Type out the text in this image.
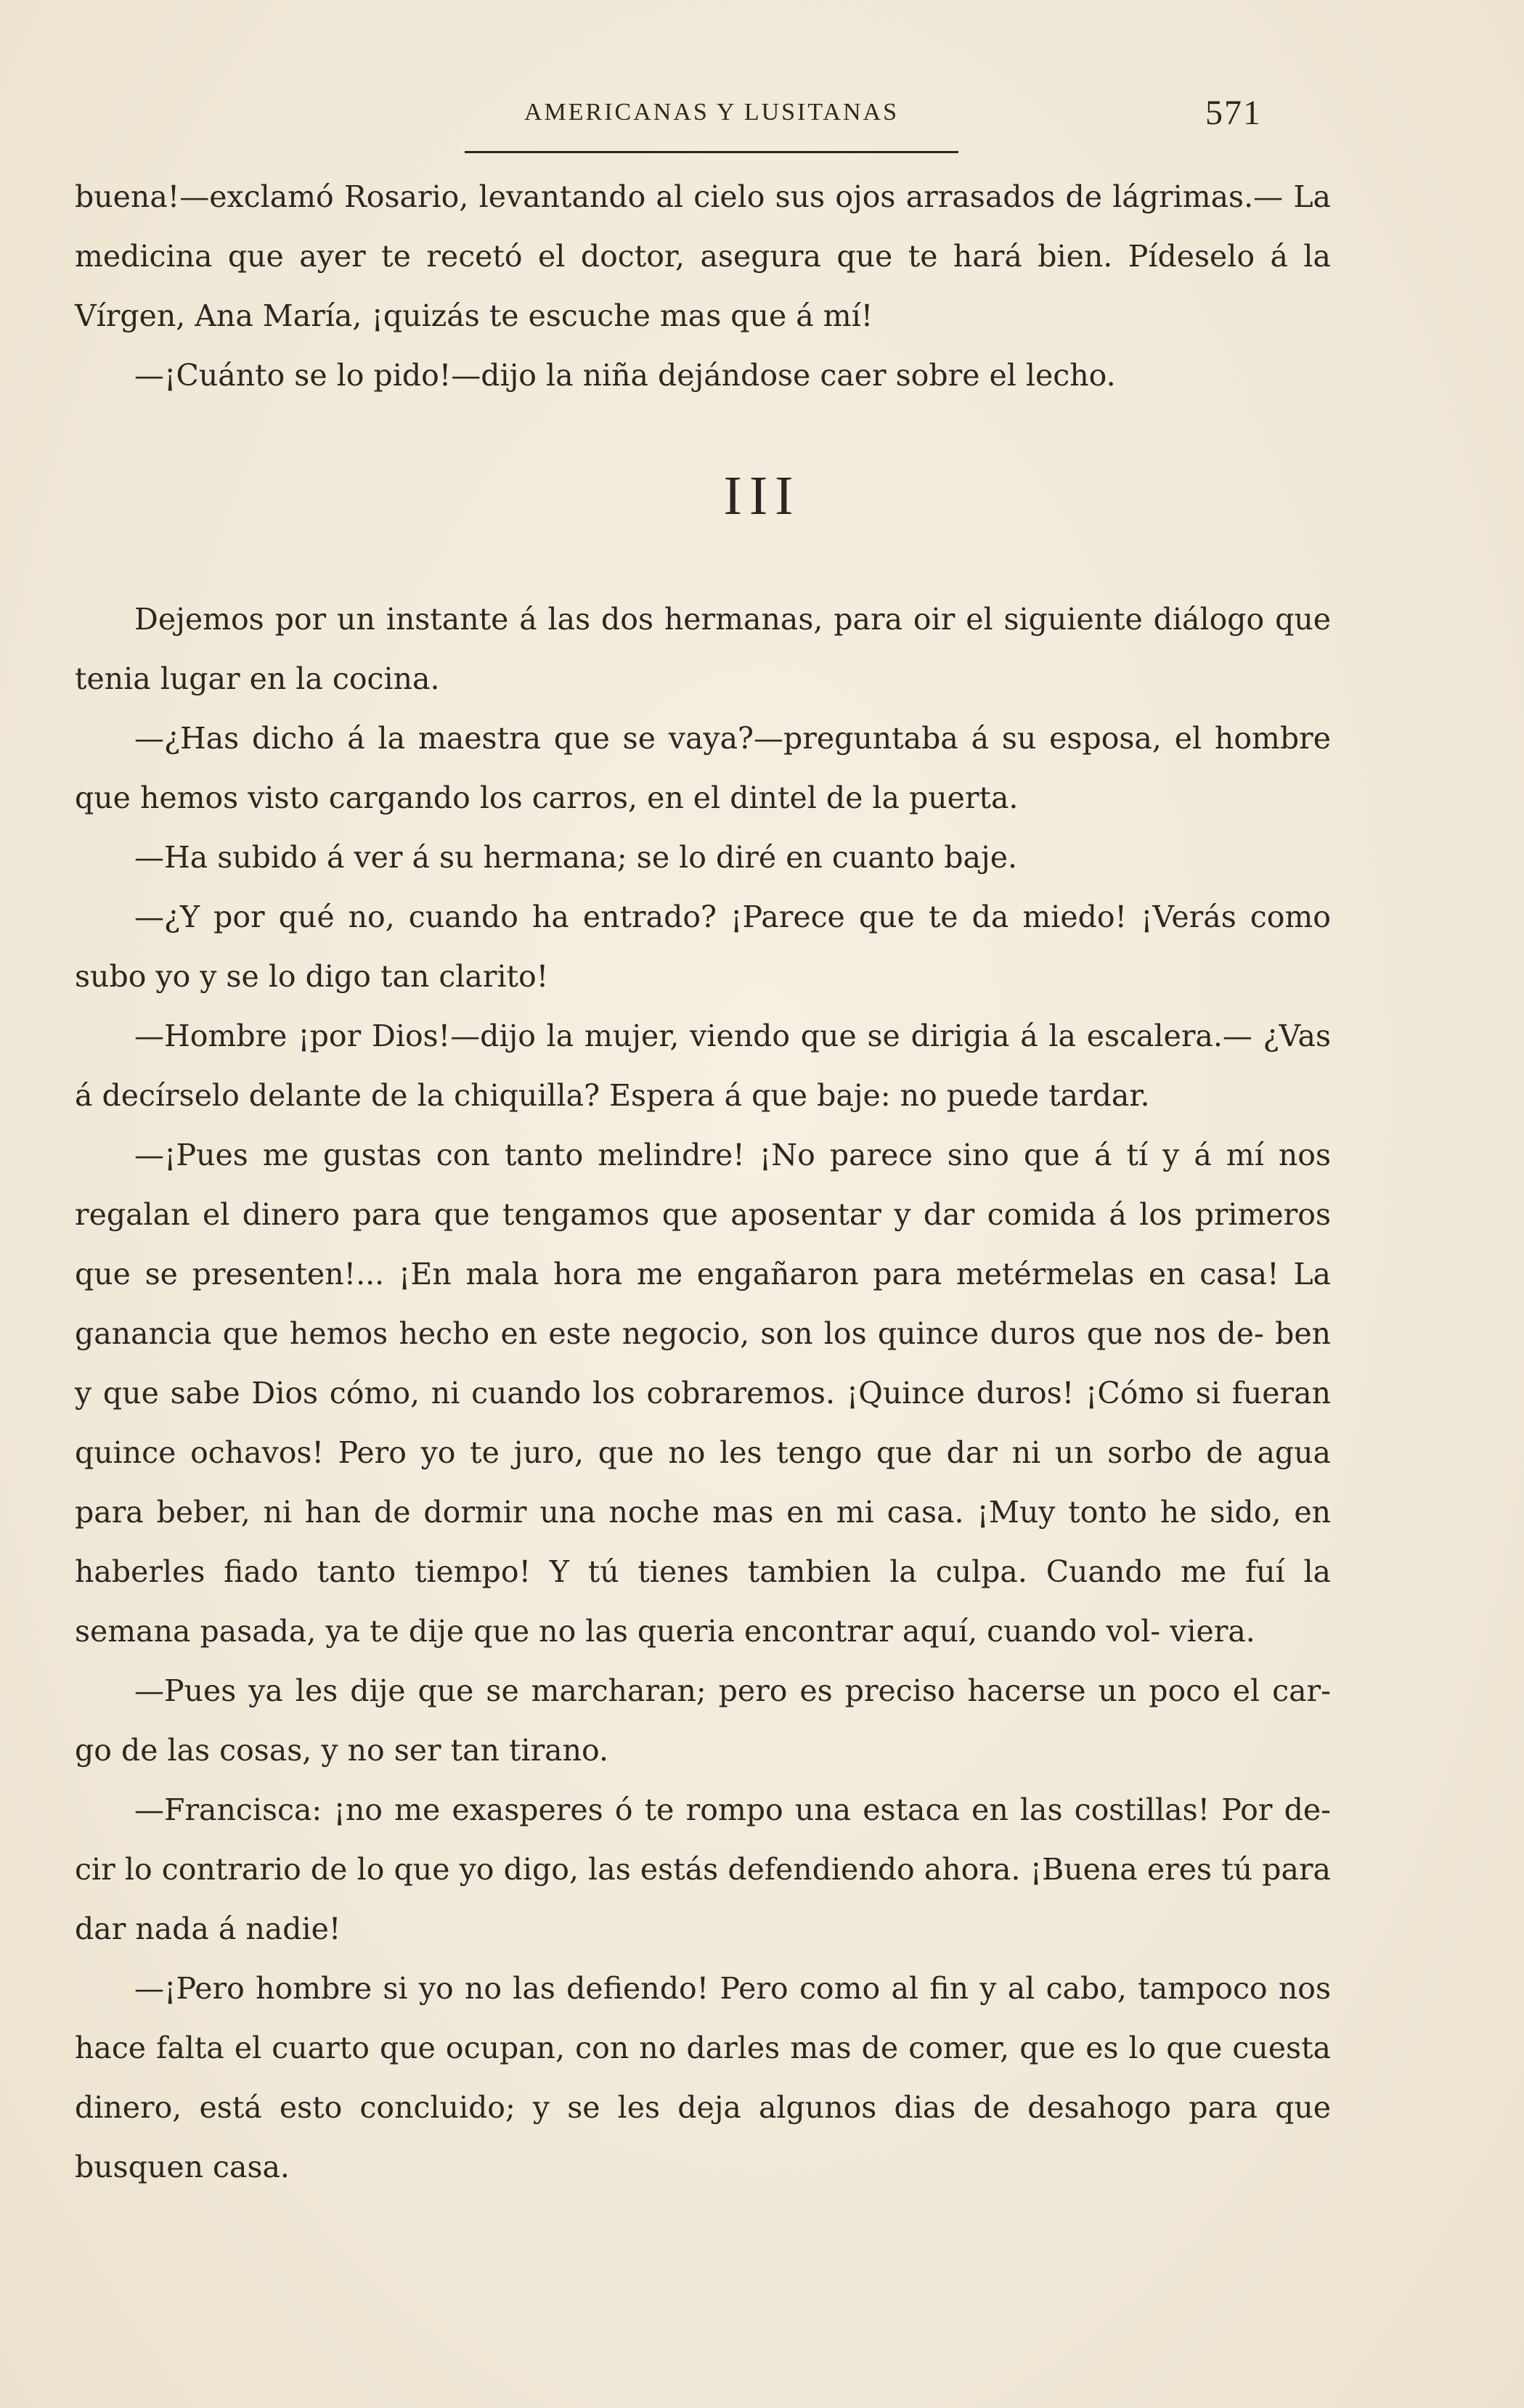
AMERICANAS Y LUSITANAS	571

buena!—exclamó Rosario, levantando al cielo sus ojos arrasados de lágrimas.— La medicina que ayer te recetó el doctor, asegura que te hará bien. Pídeselo á la Vírgen, Ana María, ¡quizás te escuche mas que á mí!

—¡Cuánto se lo pido!—dijo la niña dejándose caer sobre el lecho.

III

Dejemos por un instante á las dos hermanas, para oir el siguiente diálogo que tenia lugar en la cocina.

—¿Has dicho á la maestra que se vaya?—preguntaba á su esposa, el hombre que hemos visto cargando los carros, en el dintel de la puerta.

—Ha subido á ver á su hermana; se lo diré en cuanto baje.

—¿Y por qué no, cuando ha entrado? ¡Parece que te da miedo! ¡Verás como subo yo y se lo digo tan clarito!

—Hombre ¡por Dios!—dijo la mujer, viendo que se dirigia á la escalera.— ¿Vas á decírselo delante de la chiquilla? Espera á que baje: no puede tardar.

—¡Pues me gustas con tanto melindre! ¡No parece sino que á tí y á mí nos regalan el dinero para que tengamos que aposentar y dar comida á los primeros que se presenten!... ¡En mala hora me engañaron para metérmelas en casa! La ganancia que hemos hecho en este negocio, son los quince duros que nos de- ben y que sabe Dios cómo, ni cuando los cobraremos. ¡Quince duros! ¡Cómo si fueran quince ochavos! Pero yo te juro, que no les tengo que dar ni un sorbo de agua para beber, ni han de dormir una noche mas en mi casa. ¡Muy tonto he sido, en haberles fiado tanto tiempo! Y tú tienes tambien la culpa. Cuando me fuí la semana pasada, ya te dije que no las queria encontrar aquí, cuando vol- viera.

—Pues ya les dije que se marcharan; pero es preciso hacerse un poco el car- go de las cosas, y no ser tan tirano.

—Francisca: ¡no me exasperes ó te rompo una estaca en las costillas! Por de- cir lo contrario de lo que yo digo, las estás defendiendo ahora. ¡Buena eres tú para dar nada á nadie!

—¡Pero hombre si yo no las defiendo! Pero como al fin y al cabo, tampoco nos hace falta el cuarto que ocupan, con no darles mas de comer, que es lo que cuesta dinero, está esto concluido; y se les deja algunos dias de desahogo para que busquen casa.
